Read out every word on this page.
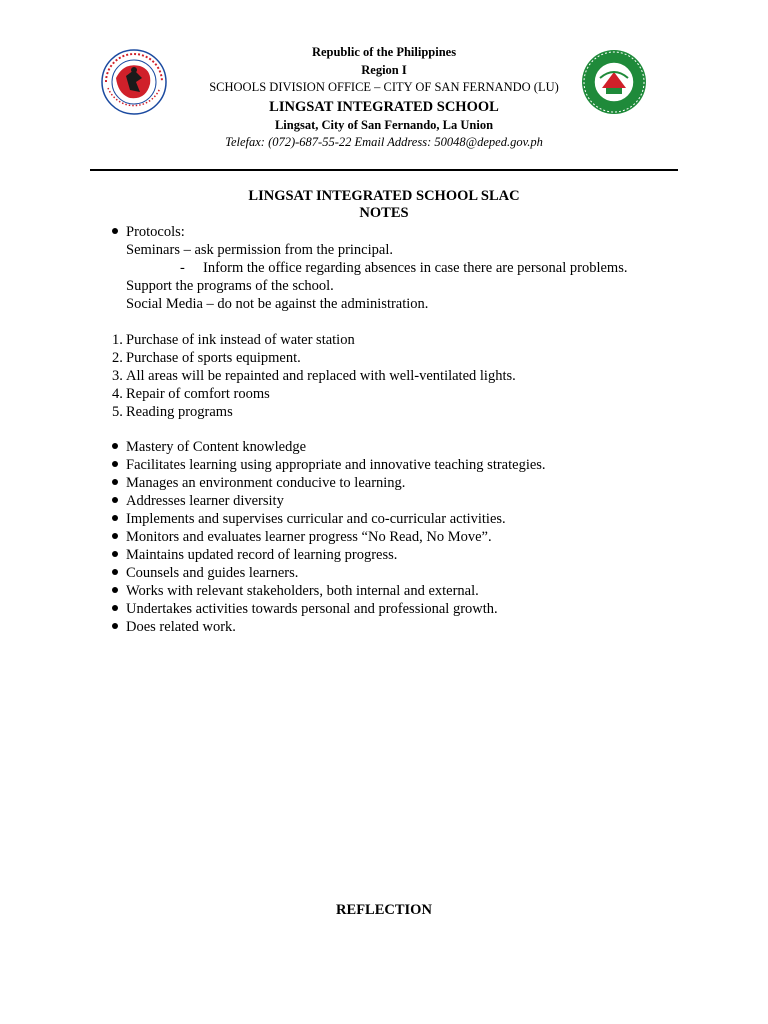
Republic of the Philippines
Region I
SCHOOLS DIVISION OFFICE – CITY OF SAN FERNANDO (LU)
LINGSAT INTEGRATED SCHOOL
Lingsat, City of San Fernando, La Union
Telefax: (072)-687-55-22 Email Address: 50048@deped.gov.ph
LINGSAT INTEGRATED SCHOOL SLAC
NOTES
Protocols:
Seminars – ask permission from the principal.
- Inform the office regarding absences in case there are personal problems.
Support the programs of the school.
Social Media – do not be against the administration.
1. Purchase of ink instead of water station
2. Purchase of sports equipment.
3. All areas will be repainted and replaced with well-ventilated lights.
4. Repair of comfort rooms
5. Reading programs
Mastery of Content knowledge
Facilitates learning using appropriate and innovative teaching strategies.
Manages an environment conducive to learning.
Addresses learner diversity
Implements and supervises curricular and co-curricular activities.
Monitors and evaluates learner progress “No Read, No Move”.
Maintains updated record of learning progress.
Counsels and guides learners.
Works with relevant stakeholders, both internal and external.
Undertakes activities towards personal and professional growth.
Does related work.
REFLECTION
